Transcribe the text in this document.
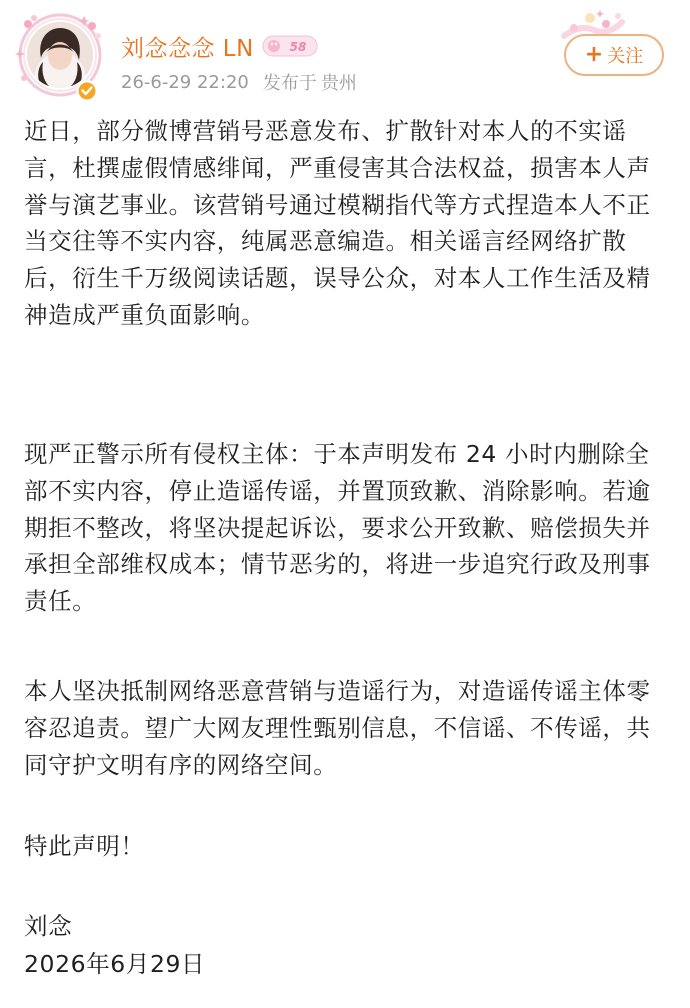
刘念念念 LN	58
26-6-29 22:20 发布于 贵州
+ 关注

近日，部分微博营销号恶意发布、扩散针对本人的不实谣言，杜撰虚假情感绯闻，严重侵害其合法权益，损害本人声誉与演艺事业。该营销号通过模糊指代等方式捏造本人不正当交往等不实内容，纯属恶意编造。相关谣言经网络扩散后，衍生千万级阅读话题，误导公众，对本人工作生活及精神造成严重负面影响。

现严正警示所有侵权主体：于本声明发布 24 小时内删除全部不实内容，停止造谣传谣，并置顶致歉、消除影响。若逾期拒不整改，将坚决提起诉讼，要求公开致歉、赔偿损失并承担全部维权成本；情节恶劣的，将进一步追究行政及刑事责任。

本人坚决抵制网络恶意营销与造谣行为，对造谣传谣主体零容忍追责。望广大网友理性甄别信息，不信谣、不传谣，共同守护文明有序的网络空间。

特此声明！

刘念

2026年6月29日
